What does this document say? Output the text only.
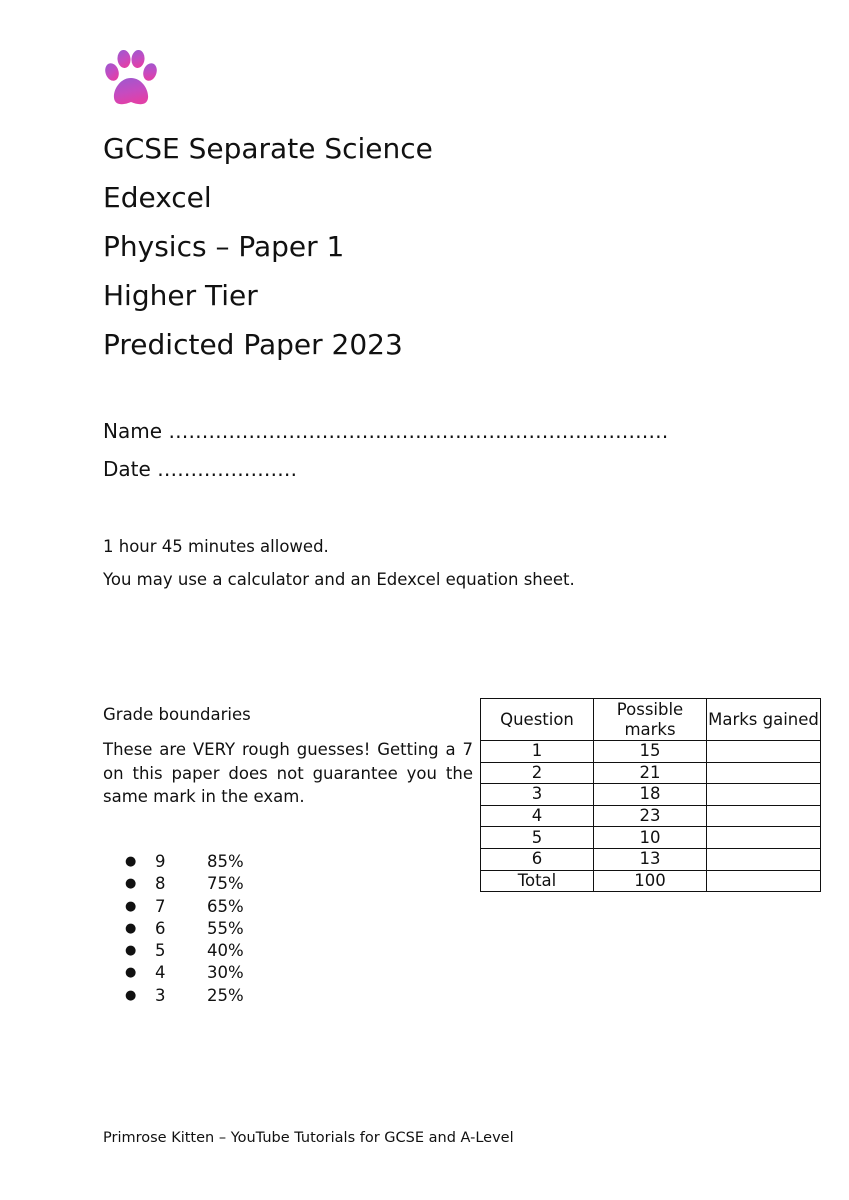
GCSE Separate Science
Edexcel
Physics – Paper 1
Higher Tier
Predicted Paper 2023
Name …………………………………………………………………
Date …………………
1 hour 45 minutes allowed.
You may use a calculator and an Edexcel equation sheet.
Grade boundaries
These are VERY rough guesses! Getting a 7 on this paper does not guarantee you the same mark in the exam.
●	9	85%
●	8	75%
●	7	65%
●	6	55%
●	5	40%
●	4	30%
●	3	25%
Question	Possible marks	Marks gained
1	15	
2	21	
3	18	
4	23	
5	10	
6	13	
Total	100	
Primrose Kitten – YouTube Tutorials for GCSE and A-Level
